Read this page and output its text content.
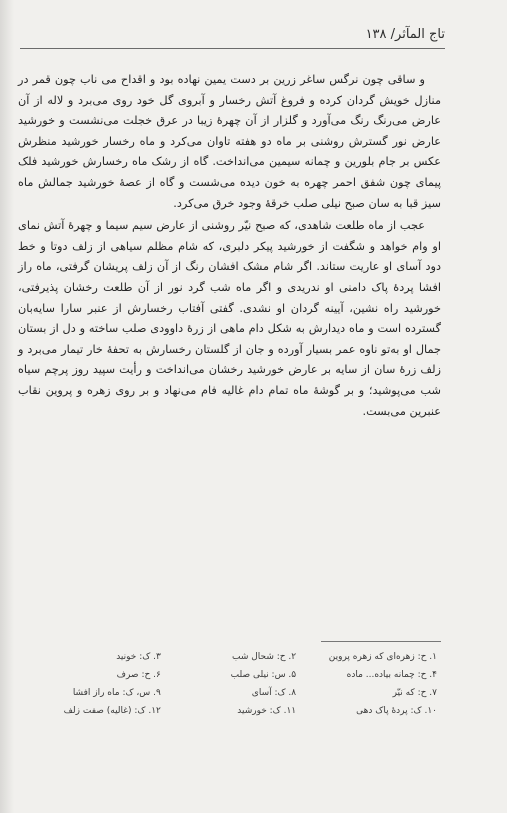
تاج المآثر/ ۱۳۸

و ساقی چون نرگس ساغر زرین بر دست یمین نهاده بود و اقداح می ناب چون قمر در منازل خویش گردان کرده و فروغ آتش رخسار و آبروی گل خود روی می‌برد و لاله از آن عارض می‌رنگ رنگ می‌آورد و گلزار از آن چهرهٔ زیبا در عرق خجلت می‌نشست و خورشید عارض نور گسترش روشنی بر ماه دو هفته تاوان می‌کرد و ماه رخسار خورشید منظرش عکس بر جام بلورین و چمانه سیمین می‌انداخت. گاه از رشک ماه رخسارش خورشید فلک پیمای چون شفق احمر چهره به خون دیده می‌شست و گاه از عصهٔ خورشید جمالش ماه سیز قبا به سان صبح نیلی صلب خرقهٔ وجود خرق می‌کرد.

عجب از ماه طلعت شاهدی، که صبح نیّر روشنی از عارض سیم سیما و چهرهٔ آتش نمای او وام خواهد و شگفت از خورشید پیکر دلبری، که شام مظلم سیاهی از زلف دوتا و خط دود آسای او عاریت ستاند. اگر شام مشک افشان رنگ از آن زلف پریشان گرفتی، ماه راز افشا پردهٔ پاک دامنی او ندریدی و اگر ماه شب گرد نور از آن طلعت رخشان پذیرفتی، خورشید راه نشین، آیینه گردان او نشدی. گفتی آفتاب رخسارش از عنبر سارا سایه‌بان گسترده است و ماه دیدارش به شکل دام ماهی از زرهٔ داوودی صلب ساخته و دل از بستان جمال او به‌تو ناوه عمر بسیار آورده و جان از گلستان رخسارش به تحفهٔ خار تیمار می‌برد و زلف زرهٔ سان از سایه بر عارض خورشید رخشان می‌انداخت و رأیت سپید روز پرچم سیاه شب می‌پوشید؛ و بر گوشهٔ ماه تمام دام غالیه فام می‌نهاد و بر روی زهره و پروین نقاب عنبرین می‌بست.

۱. ح: زهره‌ای که زهره پروین
۲. ح: شحال شب
۳. ک: خونید
۴. ح: چمانه بیاده... ماده
۵. س: نیلی صلب
۶. ح: صرف
۷. ح: که نیّر
۸. ک: آسای
۹. س، ک: ماه راز افشا
۱۰. ک: پردهٔ پاک دهی
۱۱. ک: خورشید
۱۲. ک: (غالیه) صفت زلف
